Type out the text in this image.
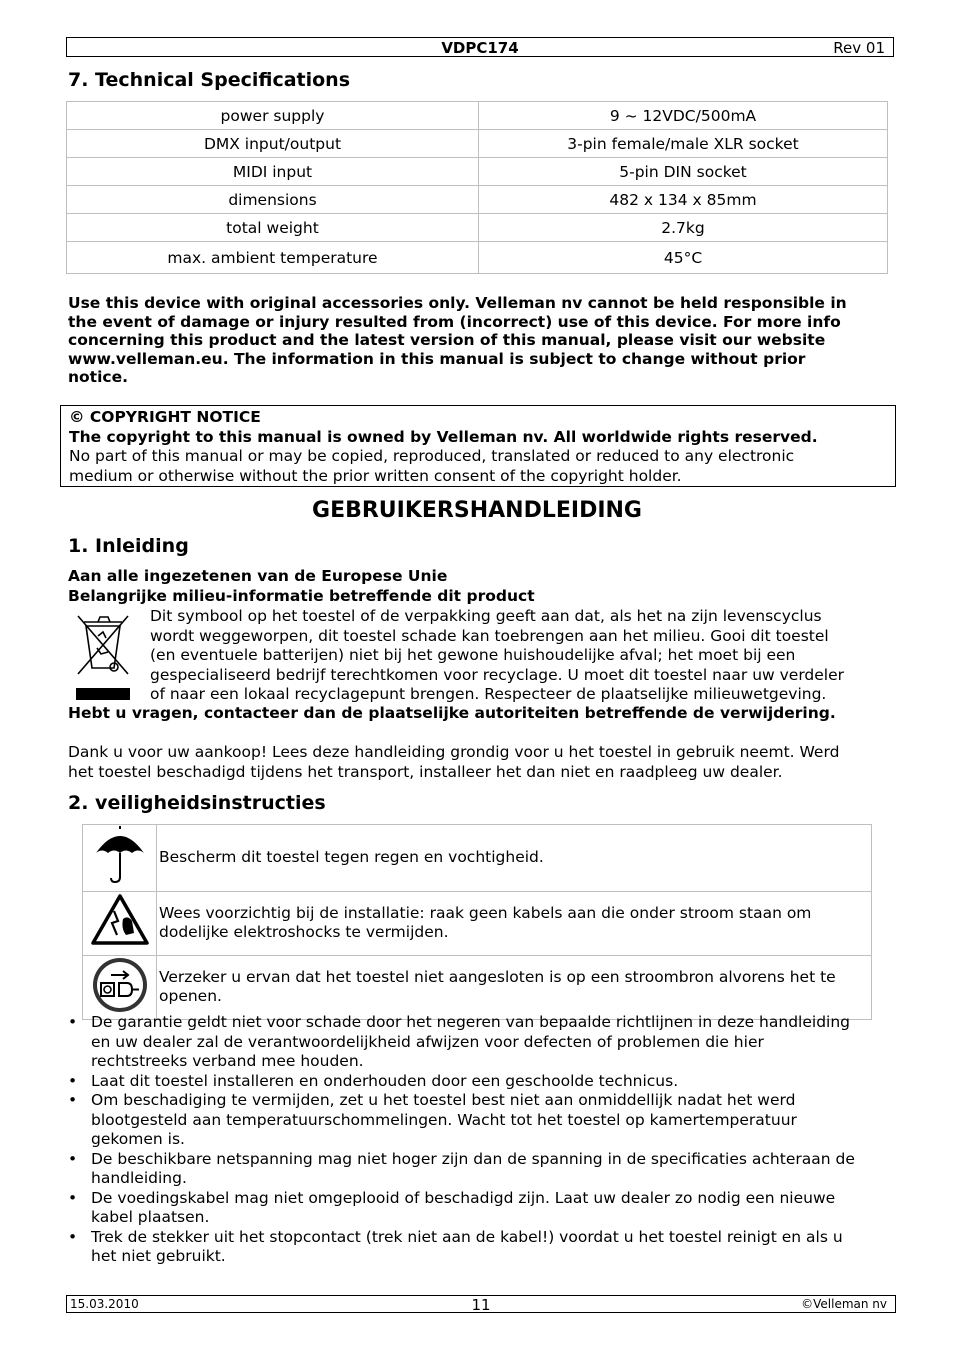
VDPC174	Rev 01
7. Technical Specifications
power supply	9 ~ 12VDC/500mA
DMX input/output	3-pin female/male XLR socket
MIDI input	5-pin DIN socket
dimensions	482 x 134 x 85mm
total weight	2.7kg
max. ambient temperature	45°C
Use this device with original accessories only. Velleman nv cannot be held responsible in
the event of damage or injury resulted from (incorrect) use of this device. For more info
concerning this product and the latest version of this manual, please visit our website
www.velleman.eu. The information in this manual is subject to change without prior
notice.
© COPYRIGHT NOTICE
The copyright to this manual is owned by Velleman nv. All worldwide rights reserved.
No part of this manual or may be copied, reproduced, translated or reduced to any electronic
medium or otherwise without the prior written consent of the copyright holder.
GEBRUIKERSHANDLEIDING
1. Inleiding
Aan alle ingezetenen van de Europese Unie
Belangrijke milieu-informatie betreffende dit product
Dit symbool op het toestel of de verpakking geeft aan dat, als het na zijn levenscyclus
wordt weggeworpen, dit toestel schade kan toebrengen aan het milieu. Gooi dit toestel
(en eventuele batterijen) niet bij het gewone huishoudelijke afval; het moet bij een
gespecialiseerd bedrijf terechtkomen voor recyclage. U moet dit toestel naar uw verdeler
of naar een lokaal recyclagepunt brengen. Respecteer de plaatselijke milieuwetgeving.
Hebt u vragen, contacteer dan de plaatselijke autoriteiten betreffende de verwijdering.
Dank u voor uw aankoop! Lees deze handleiding grondig voor u het toestel in gebruik neemt. Werd
het toestel beschadigd tijdens het transport, installeer het dan niet en raadpleeg uw dealer.
2. veiligheidsinstructies

Bescherm dit toestel tegen regen en vochtigheid.

Wees voorzichtig bij de installatie: raak geen kabels aan die onder stroom staan om
dodelijke elektroshocks te vermijden.

Verzeker u ervan dat het toestel niet aangesloten is op een stroombron alvorens het te
openen.
• De garantie geldt niet voor schade door het negeren van bepaalde richtlijnen in deze handleiding
en uw dealer zal de verantwoordelijkheid afwijzen voor defecten of problemen die hier
rechtstreeks verband mee houden.
• Laat dit toestel installeren en onderhouden door een geschoolde technicus.
• Om beschadiging te vermijden, zet u het toestel best niet aan onmiddellijk nadat het werd
blootgesteld aan temperatuurschommelingen. Wacht tot het toestel op kamertemperatuur
gekomen is.
• De beschikbare netspanning mag niet hoger zijn dan de spanning in de specificaties achteraan de
handleiding.
• De voedingskabel mag niet omgeplooid of beschadigd zijn. Laat uw dealer zo nodig een nieuwe
kabel plaatsen.
• Trek de stekker uit het stopcontact (trek niet aan de kabel!) voordat u het toestel reinigt en als u
het niet gebruikt.
15.03.2010	11	©Velleman nv
